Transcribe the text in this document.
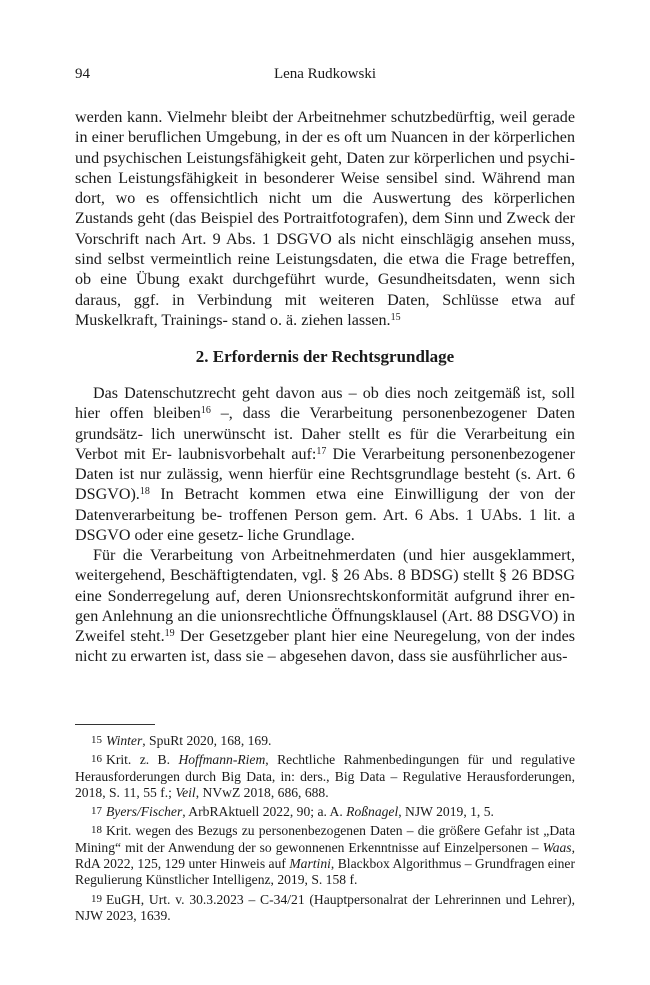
94	Lena Rudkowski
werden kann. Vielmehr bleibt der Arbeitnehmer schutzbedürftig, weil gerade in einer beruflichen Umgebung, in der es oft um Nuancen in der körperlichen und psychischen Leistungsfähigkeit geht, Daten zur körperlichen und psychi- schen Leistungsfähigkeit in besonderer Weise sensibel sind. Während man dort, wo es offensichtlich nicht um die Auswertung des körperlichen Zustands geht (das Beispiel des Portraitfotografen), dem Sinn und Zweck der Vorschrift nach Art. 9 Abs. 1 DSGVO als nicht einschlägig ansehen muss, sind selbst vermeintlich reine Leistungsdaten, die etwa die Frage betreffen, ob eine Übung exakt durchgeführt wurde, Gesundheitsdaten, wenn sich daraus, ggf. in Verbindung mit weiteren Daten, Schlüsse etwa auf Muskelkraft, Trainings- stand o. ä. ziehen lassen.$^{15}$
2. Erfordernis der Rechtsgrundlage
Das Datenschutzrecht geht davon aus – ob dies noch zeitgemäß ist, soll hier offen bleiben$^{16}$ –, dass die Verarbeitung personenbezogener Daten grundsätz- lich unerwünscht ist. Daher stellt es für die Verarbeitung ein Verbot mit Er- laubnisvorbehalt auf:$^{17}$ Die Verarbeitung personenbezogener Daten ist nur zulässig, wenn hierfür eine Rechtsgrundlage besteht (s. Art. 6 DSGVO).$^{18}$ In Betracht kommen etwa eine Einwilligung der von der Datenverarbeitung be- troffenen Person gem. Art. 6 Abs. 1 UAbs. 1 lit. a DSGVO oder eine gesetz- liche Grundlage.
Für die Verarbeitung von Arbeitnehmerdaten (und hier ausgeklammert, weitergehend, Beschäftigtendaten, vgl. § 26 Abs. 8 BDSG) stellt § 26 BDSG eine Sonderregelung auf, deren Unionsrechtskonformität aufgrund ihrer en- gen Anlehnung an die unionsrechtliche Öffnungsklausel (Art. 88 DSGVO) in Zweifel steht.$^{19}$ Der Gesetzgeber plant hier eine Neuregelung, von der indes nicht zu erwarten ist, dass sie – abgesehen davon, dass sie ausführlicher aus-

15 Winter, SpuRt 2020, 168, 169.

16 Krit. z. B. Hoffmann-Riem, Rechtliche Rahmenbedingungen für und regulative Herausforderungen durch Big Data, in: ders., Big Data – Regulative Herausforderungen, 2018, S. 11, 55 f.; Veil, NVwZ 2018, 686, 688.

17 Byers/Fischer, ArbRAktuell 2022, 90; a. A. Roßnagel, NJW 2019, 1, 5.

18 Krit. wegen des Bezugs zu personenbezogenen Daten – die größere Gefahr ist „Data Mining“ mit der Anwendung der so gewonnenen Erkenntnisse auf Einzelpersonen – Waas, RdA 2022, 125, 129 unter Hinweis auf Martini, Blackbox Algorithmus – Grundfragen einer Regulierung Künstlicher Intelligenz, 2019, S. 158 f.

19 EuGH, Urt. v. 30.3.2023 – C-34/21 (Hauptpersonalrat der Lehrerinnen und Lehrer), NJW 2023, 1639.
